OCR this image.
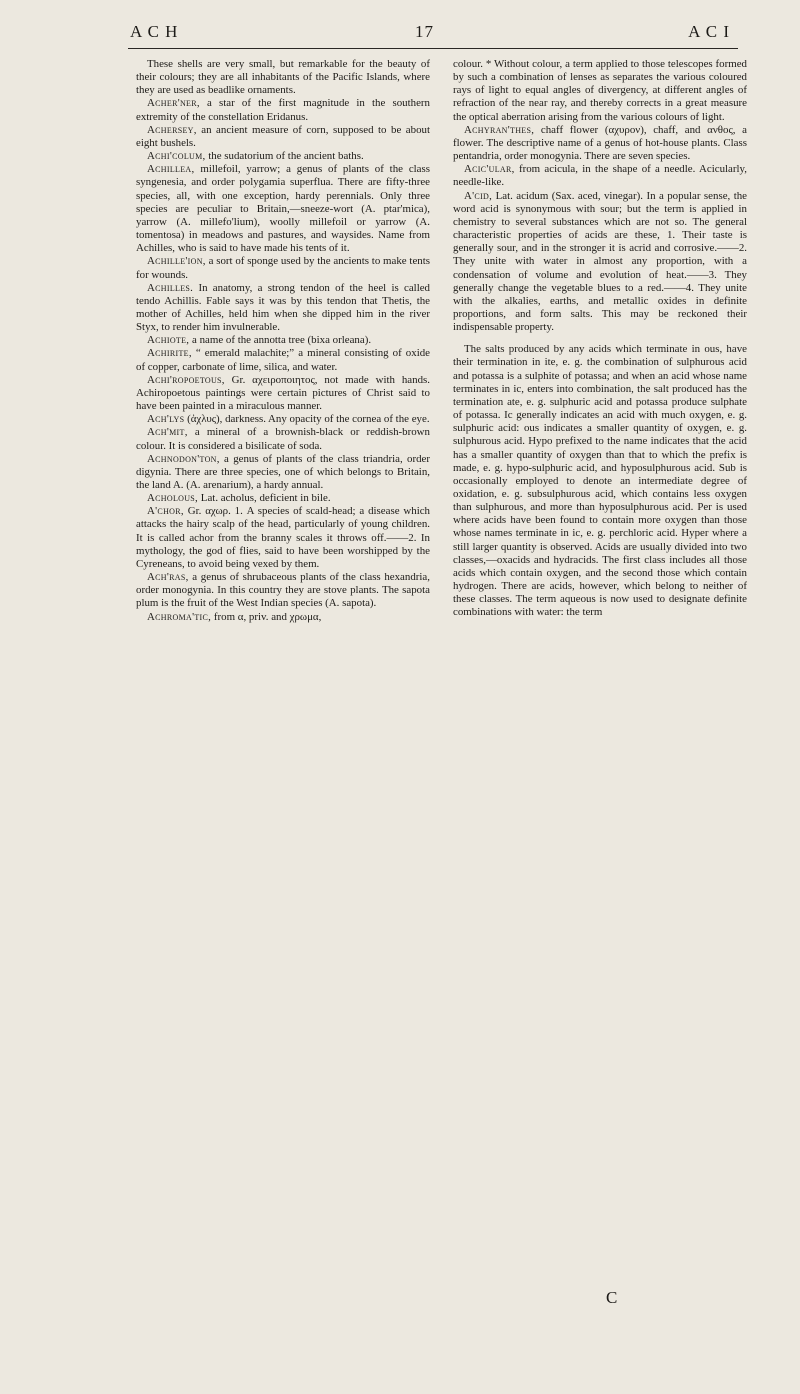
A C H	17	A C I

These shells are very small, but remarkable for the beauty of their colours; they are all inhabitants of the Pacific Islands, where they are used as beadlike ornaments.

Acher'ner, a star of the first magnitude in the southern extremity of the constellation Eridanus.

Achersey, an ancient measure of corn, supposed to be about eight bushels.

Achi'colum, the sudatorium of the ancient baths.

Achillea, millefoil, yarrow; a genus of plants of the class syngenesia, and order polygamia superflua. There are fifty-three species, all, with one exception, hardy perennials. Only three species are peculiar to Britain,—sneeze-wort (A. ptar'mica), yarrow (A. millefo'lium), woolly millefoil or yarrow (A. tomentosa) in meadows and pastures, and waysides. Name from Achilles, who is said to have made his tents of it.

Achille'ion, a sort of sponge used by the ancients to make tents for wounds.

Achilles. In anatomy, a strong tendon of the heel is called tendo Achillis. Fable says it was by this tendon that Thetis, the mother of Achilles, held him when she dipped him in the river Styx, to render him invulnerable.

Achiote, a name of the annotta tree (bixa orleana).

Achirite, “ emerald malachite;” a mineral consisting of oxide of copper, carbonate of lime, silica, and water.

Achi'ropoetous, Gr. αχειροποιητος, not made with hands. Achiropoetous paintings were certain pictures of Christ said to have been painted in a miraculous manner.

Ach'lys (ἀχλυς), darkness. Any opacity of the cornea of the eye.

Ach'mit, a mineral of a brownish-black or reddish-brown colour. It is considered a bisilicate of soda.

Achnodon'ton, a genus of plants of the class triandria, order digynia. There are three species, one of which belongs to Britain, the land A. (A. arenarium), a hardy annual.

Acholous, Lat. acholus, deficient in bile.

A'chor, Gr. αχωρ. 1. A species of scald-head; a disease which attacks the hairy scalp of the head, particularly of young children. It is called achor from the branny scales it throws off.——2. In mythology, the god of flies, said to have been worshipped by the Cyreneans, to avoid being vexed by them.

Ach'ras, a genus of shrubaceous plants of the class hexandria, order monogynia. In this country they are stove plants. The sapota plum is the fruit of the West Indian species (A. sapota).

Achroma'tic, from α, priv. and χρωμα,

colour. * Without colour, a term applied to those telescopes formed by such a combination of lenses as separates the various coloured rays of light to equal angles of divergency, at different angles of refraction of the near ray, and thereby corrects in a great measure the optical aberration arising from the various colours of light.

Achyran'thes, chaff flower (αχυρον), chaff, and ανθος, a flower. The descriptive name of a genus of hot-house plants. Class pentandria, order monogynia. There are seven species.

Acic'ular, from acicula, in the shape of a needle. Acicularly, needle-like.

A'cid, Lat. acidum (Sax. aced, vinegar). In a popular sense, the word acid is synonymous with sour; but the term is applied in chemistry to several substances which are not so. The general characteristic properties of acids are these, 1. Their taste is generally sour, and in the stronger it is acrid and corrosive.——2. They unite with water in almost any proportion, with a condensation of volume and evolution of heat.——3. They generally change the vegetable blues to a red.——4. They unite with the alkalies, earths, and metallic oxides in definite proportions, and form salts. This may be reckoned their indispensable property.

The salts produced by any acids which terminate in ous, have their termination in ite, e. g. the combination of sulphurous acid and potassa is a sulphite of potassa; and when an acid whose name terminates in ic, enters into combination, the salt produced has the termination ate, e. g. sulphuric acid and potassa produce sulphate of potassa. Ic generally indicates an acid with much oxygen, e. g. sulphuric acid: ous indicates a smaller quantity of oxygen, e. g. sulphurous acid. Hypo prefixed to the name indicates that the acid has a smaller quantity of oxygen than that to which the prefix is made, e. g. hypo-sulphuric acid, and hyposulphurous acid. Sub is occasionally employed to denote an intermediate degree of oxidation, e. g. subsulphurous acid, which contains less oxygen than sulphurous, and more than hyposulphurous acid. Per is used where acids have been found to contain more oxygen than those whose names terminate in ic, e. g. perchloric acid. Hyper where a still larger quantity is observed. Acids are usually divided into two classes,—oxacids and hydracids. The first class includes all those acids which contain oxygen, and the second those which contain hydrogen. There are acids, however, which belong to neither of these classes. The term aqueous is now used to designate definite combinations with water: the term

C
